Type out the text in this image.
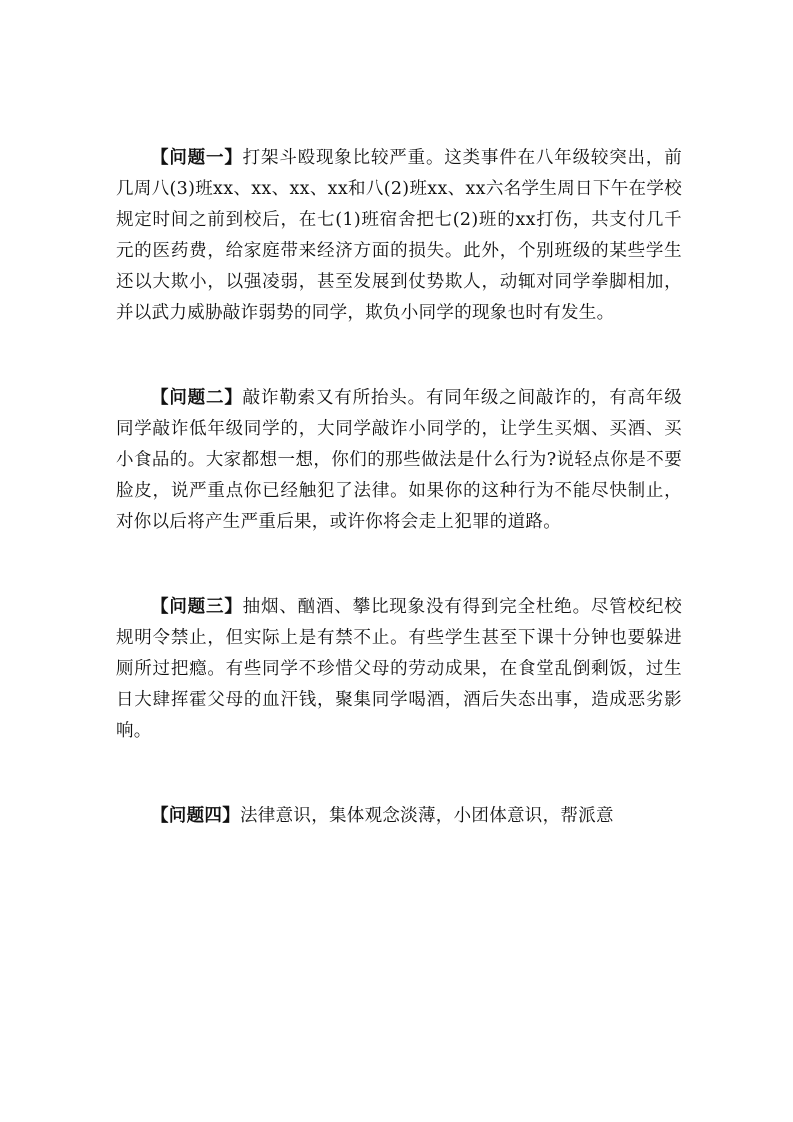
【问题一】打架斗殴现象比较严重。这类事件在八年级较突出，前几周八(3)班xx、xx、xx、xx和八(2)班xx、xx六名学生周日下午在学校规定时间之前到校后，在七(1)班宿舍把七(2)班的xx打伤，共支付几千元的医药费，给家庭带来经济方面的损失。此外，个别班级的某些学生还以大欺小，以强凌弱，甚至发展到仗势欺人，动辄对同学拳脚相加，并以武力威胁敲诈弱势的同学，欺负小同学的现象也时有发生。

【问题二】敲诈勒索又有所抬头。有同年级之间敲诈的，有高年级同学敲诈低年级同学的，大同学敲诈小同学的，让学生买烟、买酒、买小食品的。大家都想一想，你们的那些做法是什么行为?说轻点你是不要脸皮，说严重点你已经触犯了法律。如果你的这种行为不能尽快制止，对你以后将产生严重后果，或许你将会走上犯罪的道路。

【问题三】抽烟、酗酒、攀比现象没有得到完全杜绝。尽管校纪校规明令禁止，但实际上是有禁不止。有些学生甚至下课十分钟也要躲进厕所过把瘾。有些同学不珍惜父母的劳动成果，在食堂乱倒剩饭，过生日大肆挥霍父母的血汗钱，聚集同学喝酒，酒后失态出事，造成恶劣影响。

【问题四】法律意识，集体观念淡薄，小团体意识，帮派意
